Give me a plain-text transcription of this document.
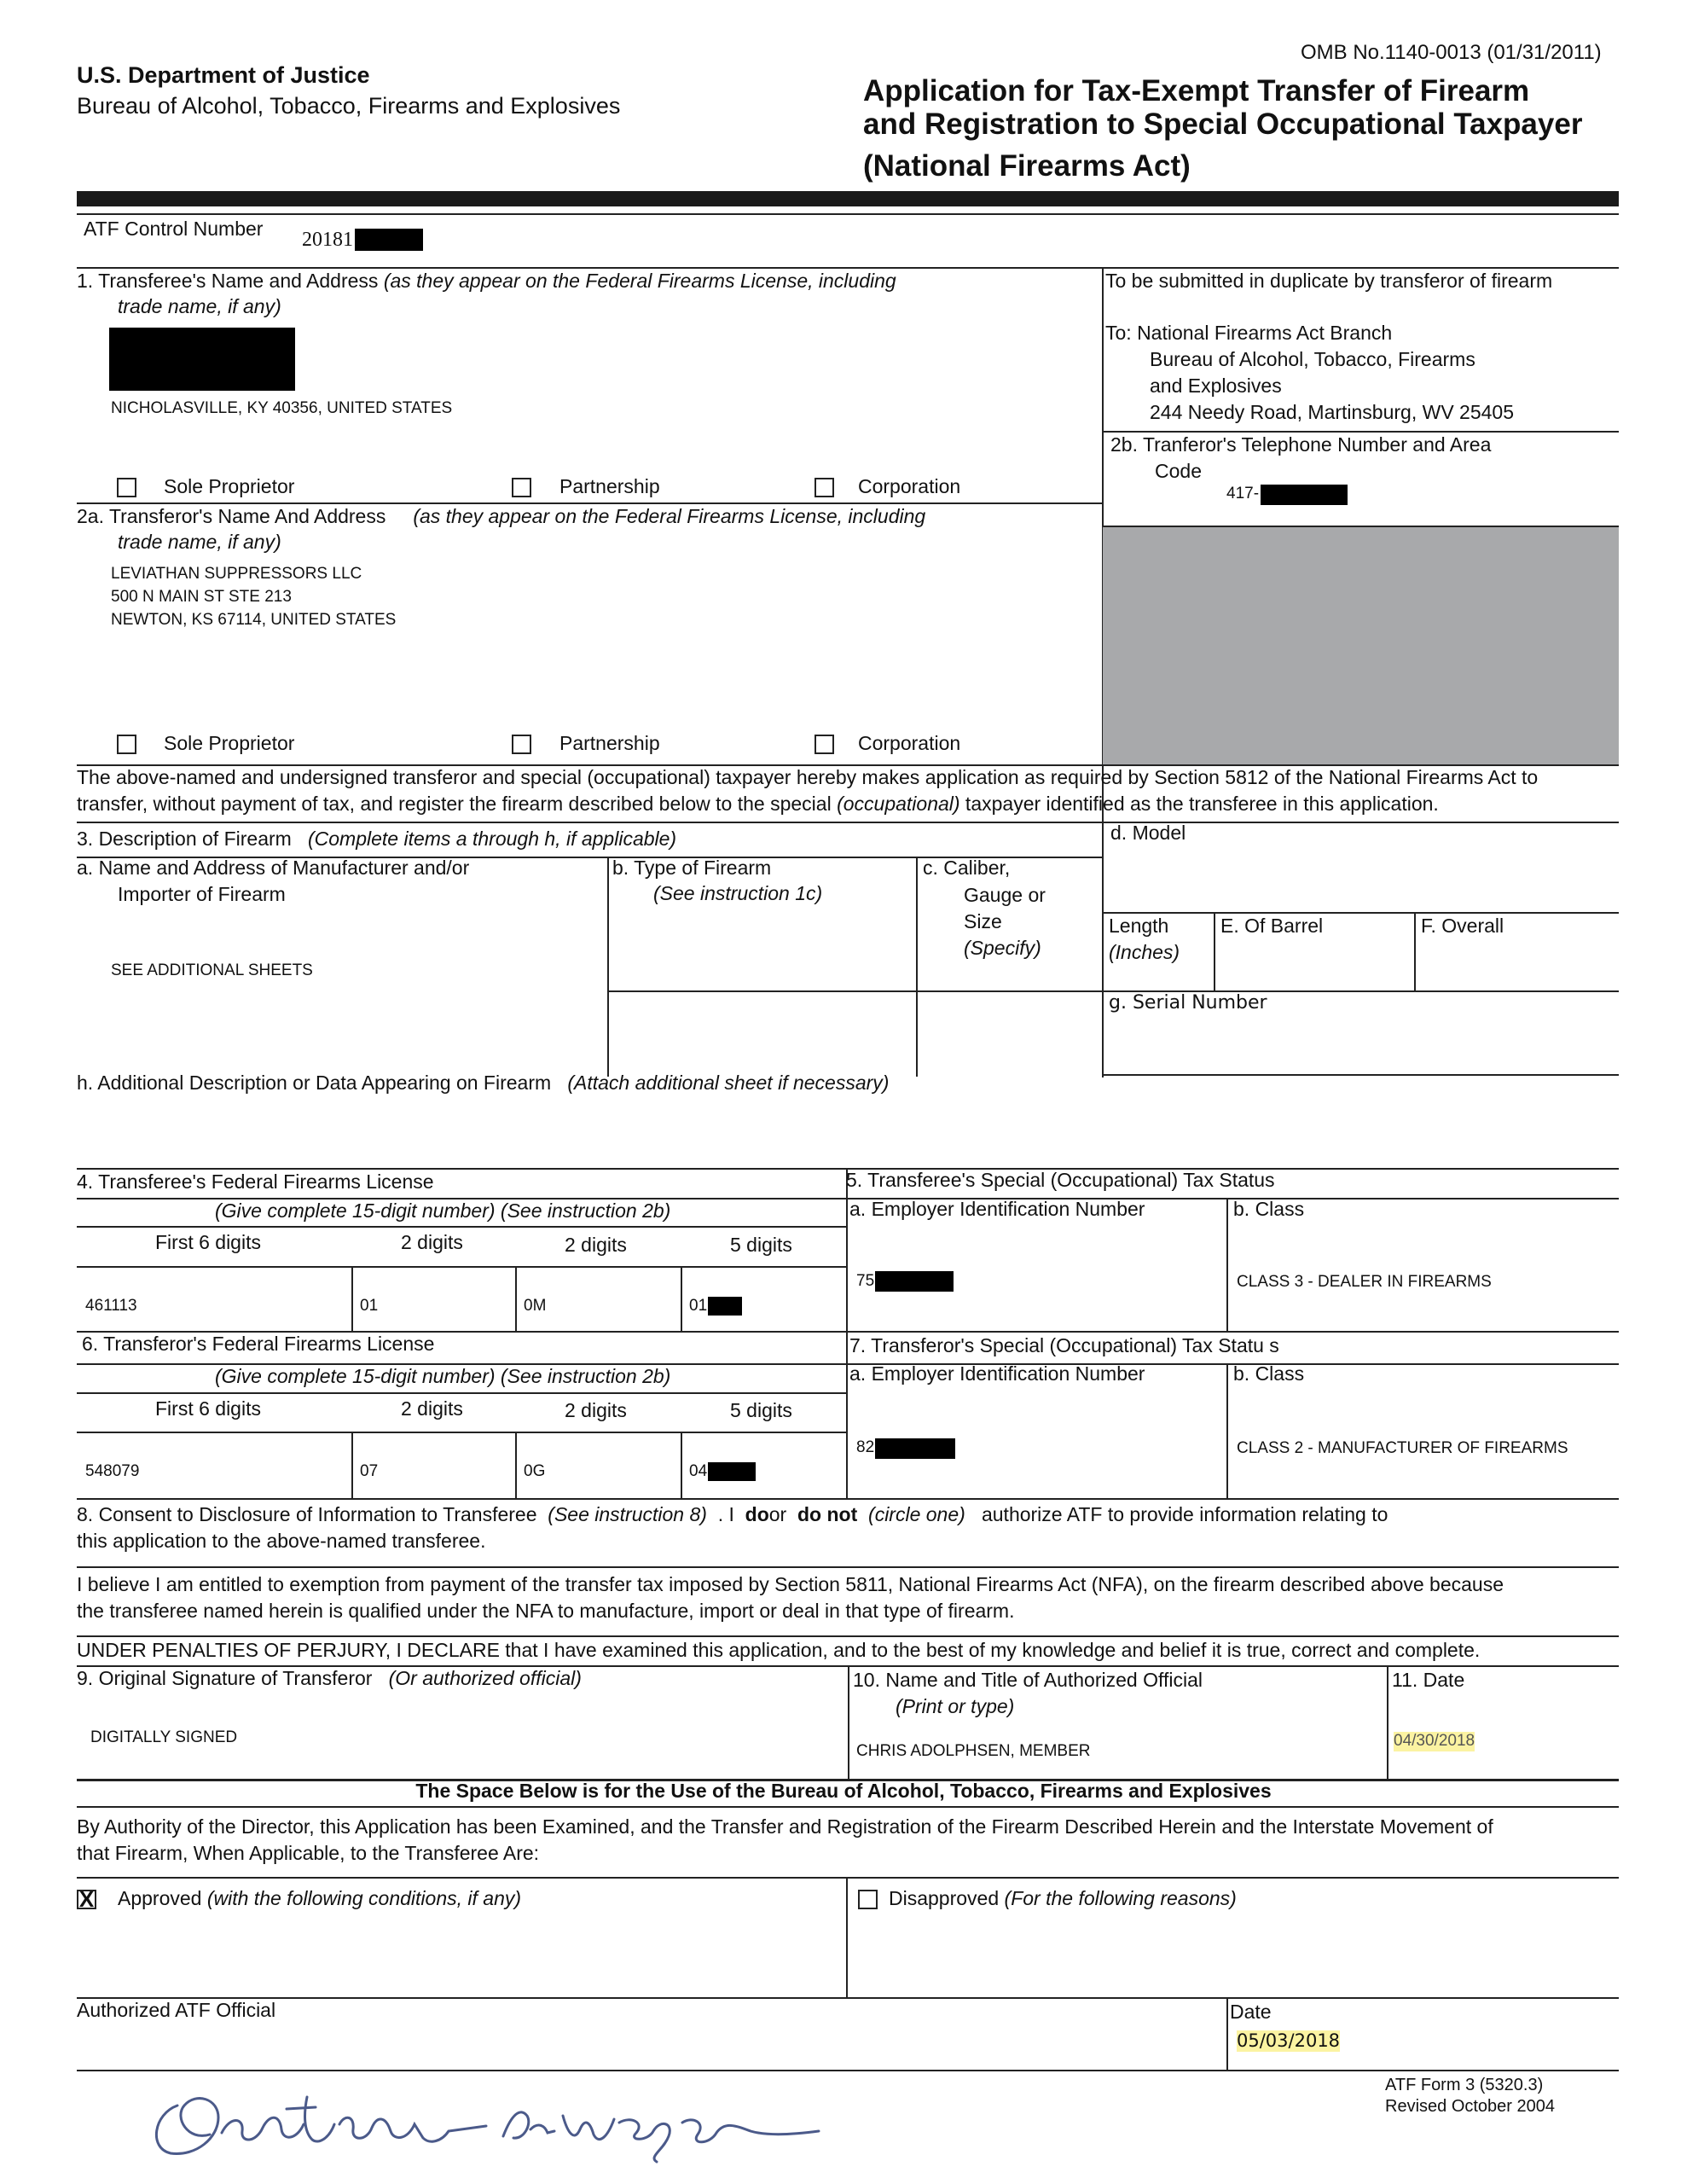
U.S. Department of Justice
Bureau of Alcohol, Tobacco, Firearms and Explosives
OMB No.1140-0013 (01/31/2011)
Application for Tax-Exempt Transfer of Firearm
and Registration to Special Occupational Taxpayer
(National Firearms Act)
ATF Control Number 20181
1. Transferee's Name and Address (as they appear on the Federal Firearms License, including
trade name, if any)
NICHOLASVILLE, KY 40356, UNITED STATES
To be submitted in duplicate by transferor of firearm
To: National Firearms Act Branch
Bureau of Alcohol, Tobacco, Firearms
and Explosives
244 Needy Road, Martinsburg, WV 25405
2b. Tranferor's Telephone Number and Area
Code
417-
Sole Proprietor	Partnership	Corporation
2a. Transferor's Name And Address (as they appear on the Federal Firearms License, including
trade name, if any)
LEVIATHAN SUPPRESSORS LLC
500 N MAIN ST STE 213
NEWTON, KS 67114, UNITED STATES
Sole Proprietor	Partnership	Corporation
The above-named and undersigned transferor and special (occupational) taxpayer hereby makes application as required by Section 5812 of the National Firearms Act to
transfer, without payment of tax, and register the firearm described below to the special (occupational) taxpayer identified as the transferee in this application.
3. Description of Firearm (Complete items a through h, if applicable)	d. Model
a. Name and Address of Manufacturer and/or
Importer of Firearm
SEE ADDITIONAL SHEETS
b. Type of Firearm
(See instruction 1c)
c. Caliber,
Gauge or
Size
(Specify)
Length
(Inches)
E. Of Barrel	F. Overall
g. Serial Number
h. Additional Description or Data Appearing on Firearm (Attach additional sheet if necessary)
4. Transferee's Federal Firearms License	5. Transferee's Special (Occupational) Tax Status
(Give complete 15-digit number) (See instruction 2b)	a. Employer Identification Number	b. Class
First 6 digits	2 digits	2 digits	5 digits
461113	01	0M	01
75	CLASS 3 - DEALER IN FIREARMS
6. Transferor's Federal Firearms License	7. Transferor's Special (Occupational) Tax Statu s
(Give complete 15-digit number) (See instruction 2b)	a. Employer Identification Number	b. Class
First 6 digits	2 digits	2 digits	5 digits
548079	07	0G	04
82	CLASS 2 - MANUFACTURER OF FIREARMS
8. Consent to Disclosure of Information to Transferee (See instruction 8) . I door do not (circle one) authorize ATF to provide information relating to
this application to the above-named transferee.
I believe I am entitled to exemption from payment of the transfer tax imposed by Section 5811, National Firearms Act (NFA), on the firearm described above because
the transferee named herein is qualified under the NFA to manufacture, import or deal in that type of firearm.
UNDER PENALTIES OF PERJURY, I DECLARE that I have examined this application, and to the best of my knowledge and belief it is true, correct and complete.
9. Original Signature of Transferor (Or authorized official)
DIGITALLY SIGNED
10. Name and Title of Authorized Official
(Print or type)
CHRIS ADOLPHSEN, MEMBER
11. Date
04/30/2018
The Space Below is for the Use of the Bureau of Alcohol, Tobacco, Firearms and Explosives
By Authority of the Director, this Application has been Examined, and the Transfer and Registration of the Firearm Described Herein and the Interstate Movement of
that Firearm, When Applicable, to the Transferee Are:
X Approved (with the following conditions, if any)	Disapproved (For the following reasons)
Authorized ATF Official	Date
05/03/2018
ATF Form 3 (5320.3)
Revised October 2004
